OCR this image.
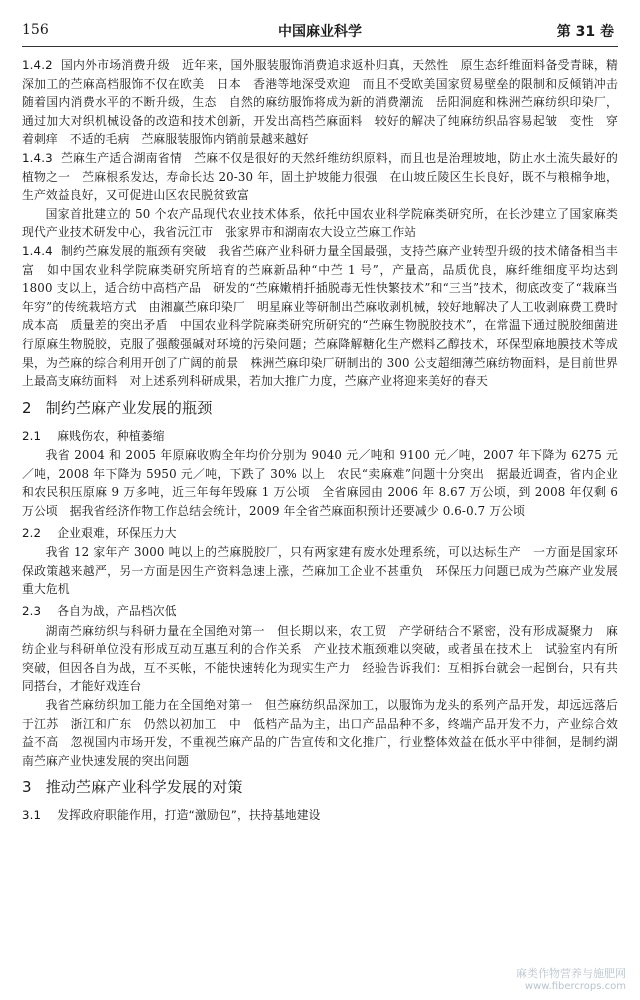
156	中国麻业科学	第 31 卷

1.4.2 国内外市场消费升级　近年来，国外服装服饰消费追求返朴归真，天然性　原生态纤维面料备受青睐，精深加工的苎麻高档服饰不仅在欧美　日本　香港等地深受欢迎　而且不受欧美国家贸易壁垒的限制和反倾销冲击　随着国内消费水平的不断升级，生态　自然的麻纺服饰将成为新的消费潮流　岳阳洞庭和株洲苎麻纺织印染厂，通过加大对织机械设备的改造和技术创新，开发出高档苎麻面料　较好的解决了纯麻纺织品容易起皱　变性　穿着刺痒　不适的毛病　苎麻服装服饰内销前景越来越好

1.4.3 苎麻生产适合湖南省情　苎麻不仅是很好的天然纤维纺织原料，而且也是治理坡地，防止水土流失最好的植物之一　苎麻根系发达，寿命长达 20-30 年，固土护坡能力很强　在山坡丘陵区生长良好，既不与粮棉争地，生产效益良好，又可促进山区农民脱贫致富

国家首批建立的 50 个农产品现代农业技术体系，依托中国农业科学院麻类研究所，在长沙建立了国家麻类现代产业技术研发中心，我省沅江市　张家界市和湖南农大设立苎麻工作站

1.4.4 制约苎麻发展的瓶颈有突破　我省苎麻产业科研力量全国最强，支持苎麻产业转型升级的技术储备相当丰富　如中国农业科学院麻类研究所培育的苎麻新品种“中苎 1 号”，产量高，品质优良，麻纤维细度平均达到 1800 支以上，适合纺中高档产品　研发的“苎麻嫩梢扦插脱毒无性快繁技术”和“三当”技术，彻底改变了“栽麻当年穷”的传统栽培方式　由湘赢苎麻印染厂　明星麻业等研制出苎麻收剥机械，较好地解决了人工收剥麻费工费时　成本高　质量差的突出矛盾　中国农业科学院麻类研究所研究的“苎麻生物脱胶技术”，在常温下通过脱胶细菌进行原麻生物脱胶，克服了强酸强碱对环境的污染问题；苎麻降解糖化生产燃料乙醇技术，环保型麻地膜技术等成果，为苎麻的综合利用开创了广阔的前景　株洲苎麻印染厂研制出的 300 公支超细薄苎麻纺物面料，是目前世界上最高支麻纺面料　对上述系列科研成果，若加大推广力度，苎麻产业将迎来美好的春天

2 制约苎麻产业发展的瓶颈
2.1 麻贱伤农，种植萎缩

我省 2004 和 2005 年原麻收购全年均价分别为 9040 元／吨和 9100 元／吨，2007 年下降为 6275 元／吨，2008 年下降为 5950 元／吨，下跌了 30% 以上　农民“卖麻难”问题十分突出　据最近调查，省内企业和农民积压原麻 9 万多吨，近三年每年毁麻 1 万公顷　全省麻园由 2006 年 8.67 万公顷，到 2008 年仅剩 6 万公顷　据我省经济作物工作总结会统计，2009 年全省苎麻面积预计还要减少 0.6-0.7 万公顷

2.2 企业艰难，环保压力大

我省 12 家年产 3000 吨以上的苎麻脱胶厂，只有两家建有废水处理系统，可以达标生产　一方面是国家环保政策越来越严，另一方面是因生产资料急速上涨，苎麻加工企业不甚重负　环保压力问题已成为苎麻产业发展重大危机

2.3 各自为战，产品档次低

湖南苎麻纺织与科研力量在全国绝对第一　但长期以来，农工贸　产学研结合不紧密，没有形成凝聚力　麻纺企业与科研单位没有形成互动互惠互利的合作关系　产业技术瓶颈难以突破，或者虽在技术上　试验室内有所突破，但因各自为战，互不买帐，不能快速转化为现实生产力　经验告诉我们：互相拆台就会一起倒台，只有共同搭台，才能好戏连台

我省苎麻纺织加工能力在全国绝对第一　但苎麻纺织品深加工，以服饰为龙头的系列产品开发，却远远落后于江苏　浙江和广东　仍然以初加工　中　低档产品为主，出口产品品种不多，终端产品开发不力，产业综合效益不高　忽视国内市场开发，不重视苎麻产品的广告宣传和文化推广，行业整体效益在低水平中徘徊，是制约湖南苎麻产业快速发展的突出问题

3 推动苎麻产业科学发展的对策
3.1 发挥政府职能作用，打造“激励包”，扶持基地建设
麻类作物营养与施肥网
www.fibercrops.com
